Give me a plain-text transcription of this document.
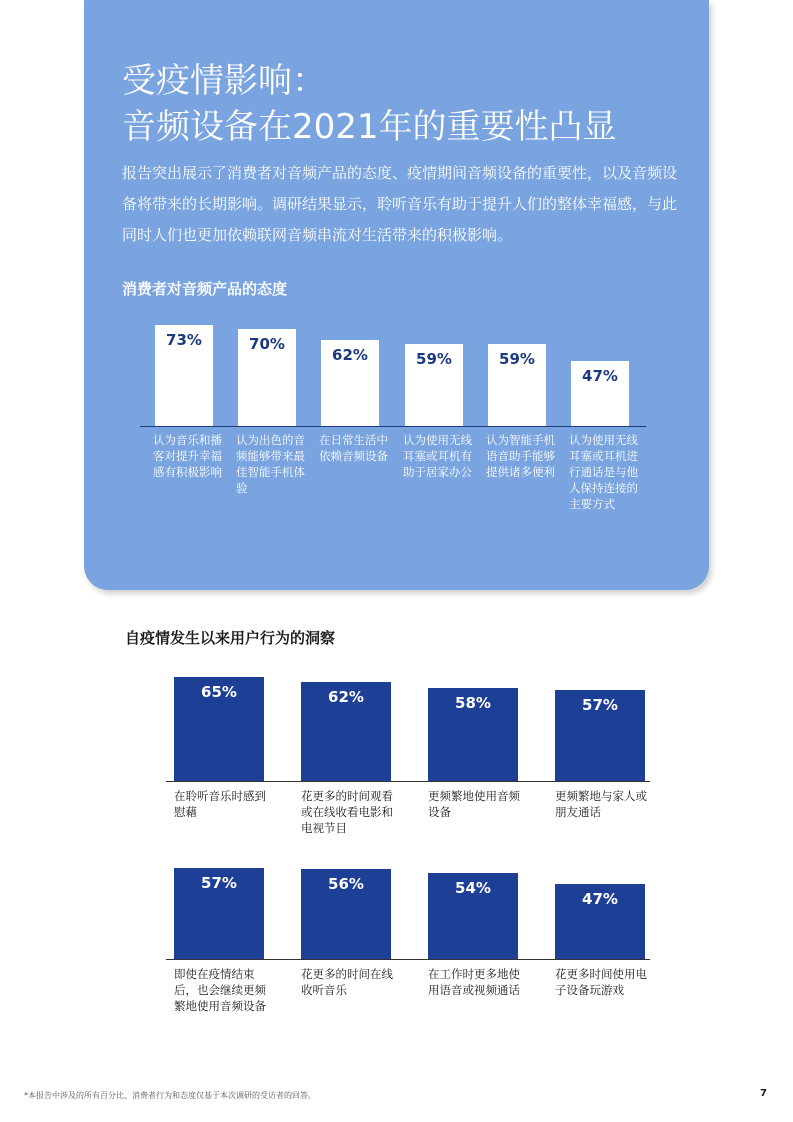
受疫情影响：
音频设备在2021年的重要性凸显

报告突出展示了消费者对音频产品的态度、疫情期间音频设备的重要性，以及音频设备将带来的长期影响。调研结果显示，聆听音乐有助于提升人们的整体幸福感，与此同时人们也更加依赖联网音频串流对生活带来的积极影响。

消费者对音频产品的态度
73%
认为音乐和播客对提升幸福感有积极影响
70%
认为出色的音频能够带来最佳智能手机体验
62%
在日常生活中依赖音频设备
59%
认为使用无线耳塞或耳机有助于居家办公
59%
认为智能手机语音助手能够提供诸多便利
47%
认为使用无线耳塞或耳机进行通话是与他人保持连接的主要方式
自疫情发生以来用户行为的洞察
65%
在聆听音乐时感到慰藉
62%
花更多的时间观看或在线收看电影和电视节目
58%
更频繁地使用音频设备
57%
更频繁地与家人或朋友通话
57%
即使在疫情结束后，也会继续更频繁地使用音频设备
56%
花更多的时间在线收听音乐
54%
在工作时更多地使用语音或视频通话
47%
花更多时间使用电子设备玩游戏

*本报告中涉及的所有百分比、消费者行为和态度仅基于本次调研的受访者的回答。	7
